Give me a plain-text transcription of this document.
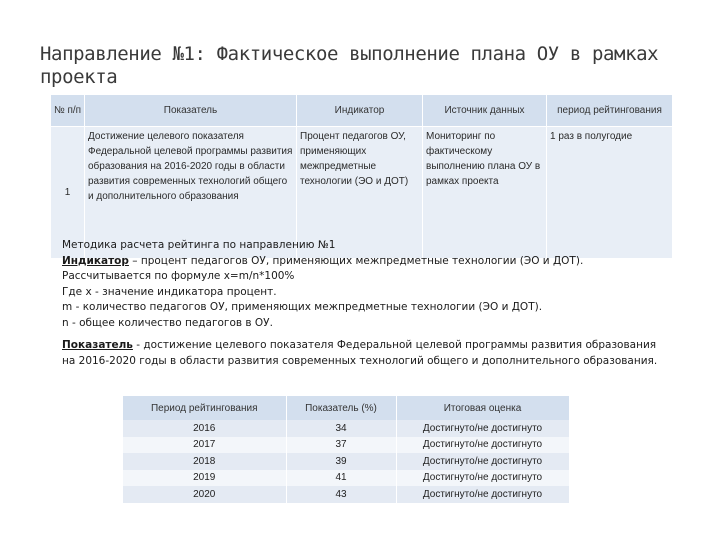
Направление №1: Фактическое выполнение плана ОУ в рамках проекта
№ п/п	Показатель	Индикатор	Источник данных	период рейтингования
1	Достижение целевого показателя Федеральной целевой программы развития образования на 2016-2020 годы в области развития современных технологий общего и дополнительного образования	Процент педагогов ОУ, применяющих межпредметные технологии (ЭО и ДОТ)	Мониторинг по фактическому выполнению плана ОУ в рамках проекта	1 раз в полугодие

Методика расчета рейтинга по направлению №1

Индикатор – процент педагогов ОУ, применяющих межпредметные технологии (ЭО и ДОТ).

Рассчитывается по формуле x=m/n*100%

Где x - значение индикатора процент.

m - количество педагогов ОУ, применяющих межпредметные технологии (ЭО и ДОТ).

n - общее количество педагогов в ОУ.

Показатель - достижение целевого показателя Федеральной целевой программы развития образования на 2016-2020 годы в области развития современных технологий общего и дополнительного образования.
Период рейтингования	Показатель (%)	Итоговая оценка
2016	34	Достигнуто/не достигнуто
2017	37	Достигнуто/не достигнуто
2018	39	Достигнуто/не достигнуто
2019	41	Достигнуто/не достигнуто
2020	43	Достигнуто/не достигнуто
